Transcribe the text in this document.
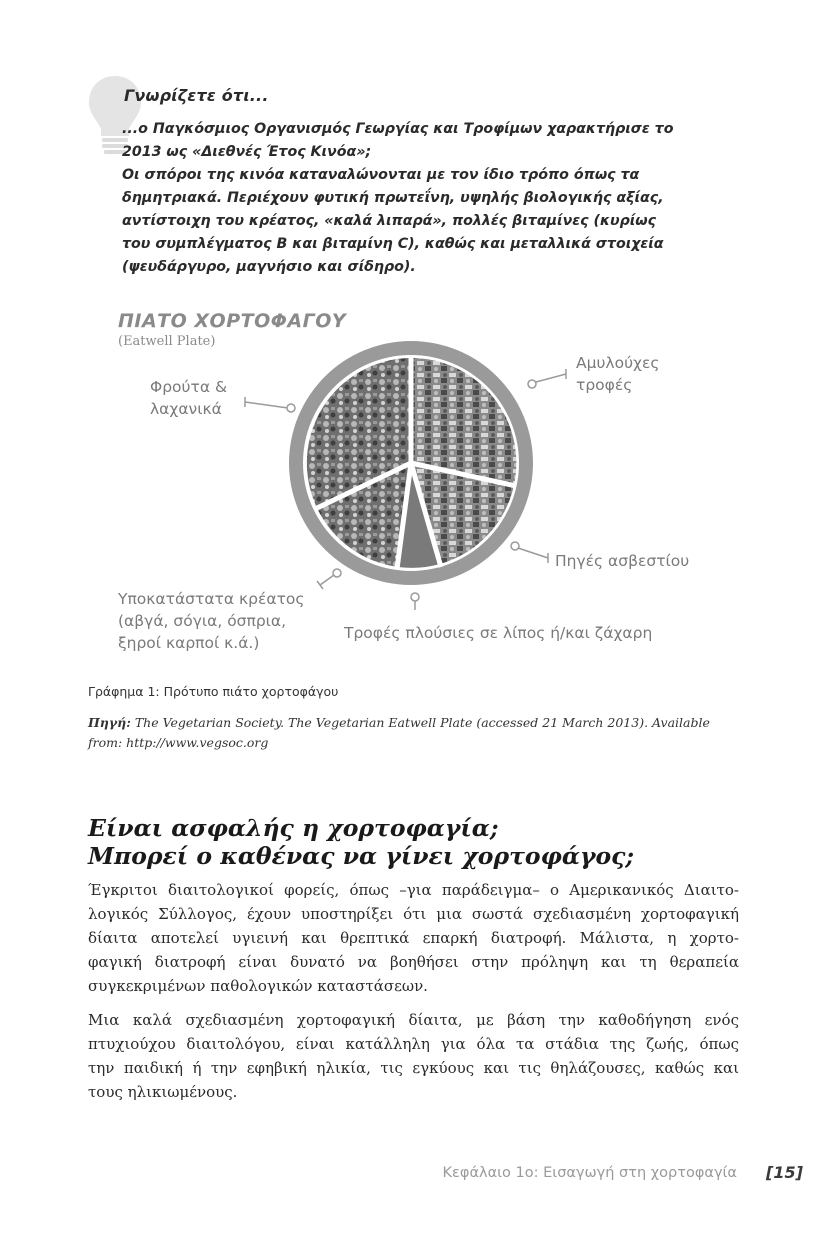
Γνωρίζετε ότι...
...ο Παγκόσμιος Οργανισμός Γεωργίας και Τροφίμων χαρακτήρισε το
2013 ως «Διεθνές Έτος Κινόα»;
Οι σπόροι της κινόα καταναλώνονται με τον ίδιο τρόπο όπως τα
δημητριακά. Περιέχουν φυτική πρωτεΐνη, υψηλής βιολογικής αξίας,
αντίστοιχη του κρέατος, «καλά λιπαρά», πολλές βιταμίνες (κυρίως
του συμπλέγματος Β και βιταμίνη C), καθώς και μεταλλικά στοιχεία
(ψευδάργυρο, μαγνήσιο και σίδηρο).
ΠΙΑΤΟ ΧΟΡΤΟΦΑΓΟΥ
(Eatwell Plate)
Φρούτα &
λαχανικά
Αμυλούχες
τροφές
Πηγές ασβεστίου
Υποκατάστατα κρέατος
(αβγά, σόγια, όσπρια,
ξηροί καρποί κ.ά.)
Τροφές πλούσιες σε λίπος ή/και ζάχαρη
Γράφημα 1: Πρότυπο πιάτο χορτοφάγου
Πηγή: The Vegetarian Society. The Vegetarian Eatwell Plate (accessed 21 March 2013). Available from: http://www.vegsoc.org
Είναι ασφαλής η χορτοφαγία;
Μπορεί ο καθένας να γίνει χορτοφάγος;
Έγκριτοι διαιτολογικοί φορείς, όπως –για παράδειγμα– ο Αμερικανικός Διαιτο-
λογικός Σύλλογος, έχουν υποστηρίξει ότι μια σωστά σχεδιασμένη χορτοφαγική
δίαιτα αποτελεί υγιεινή και θρεπτικά επαρκή διατροφή. Μάλιστα, η χορτο-
φαγική διατροφή είναι δυνατό να βοηθήσει στην πρόληψη και τη θεραπεία
συγκεκριμένων παθολογικών καταστάσεων.
Μια καλά σχεδιασμένη χορτοφαγική δίαιτα, με βάση την καθοδήγηση ενός
πτυχιούχου διαιτολόγου, είναι κατάλληλη για όλα τα στάδια της ζωής, όπως
την παιδική ή την εφηβική ηλικία, τις εγκύους και τις θηλάζουσες, καθώς και
τους ηλικιωμένους.
Κεφάλαιο 1ο: Εισαγωγή στη χορτοφαγία [15]
